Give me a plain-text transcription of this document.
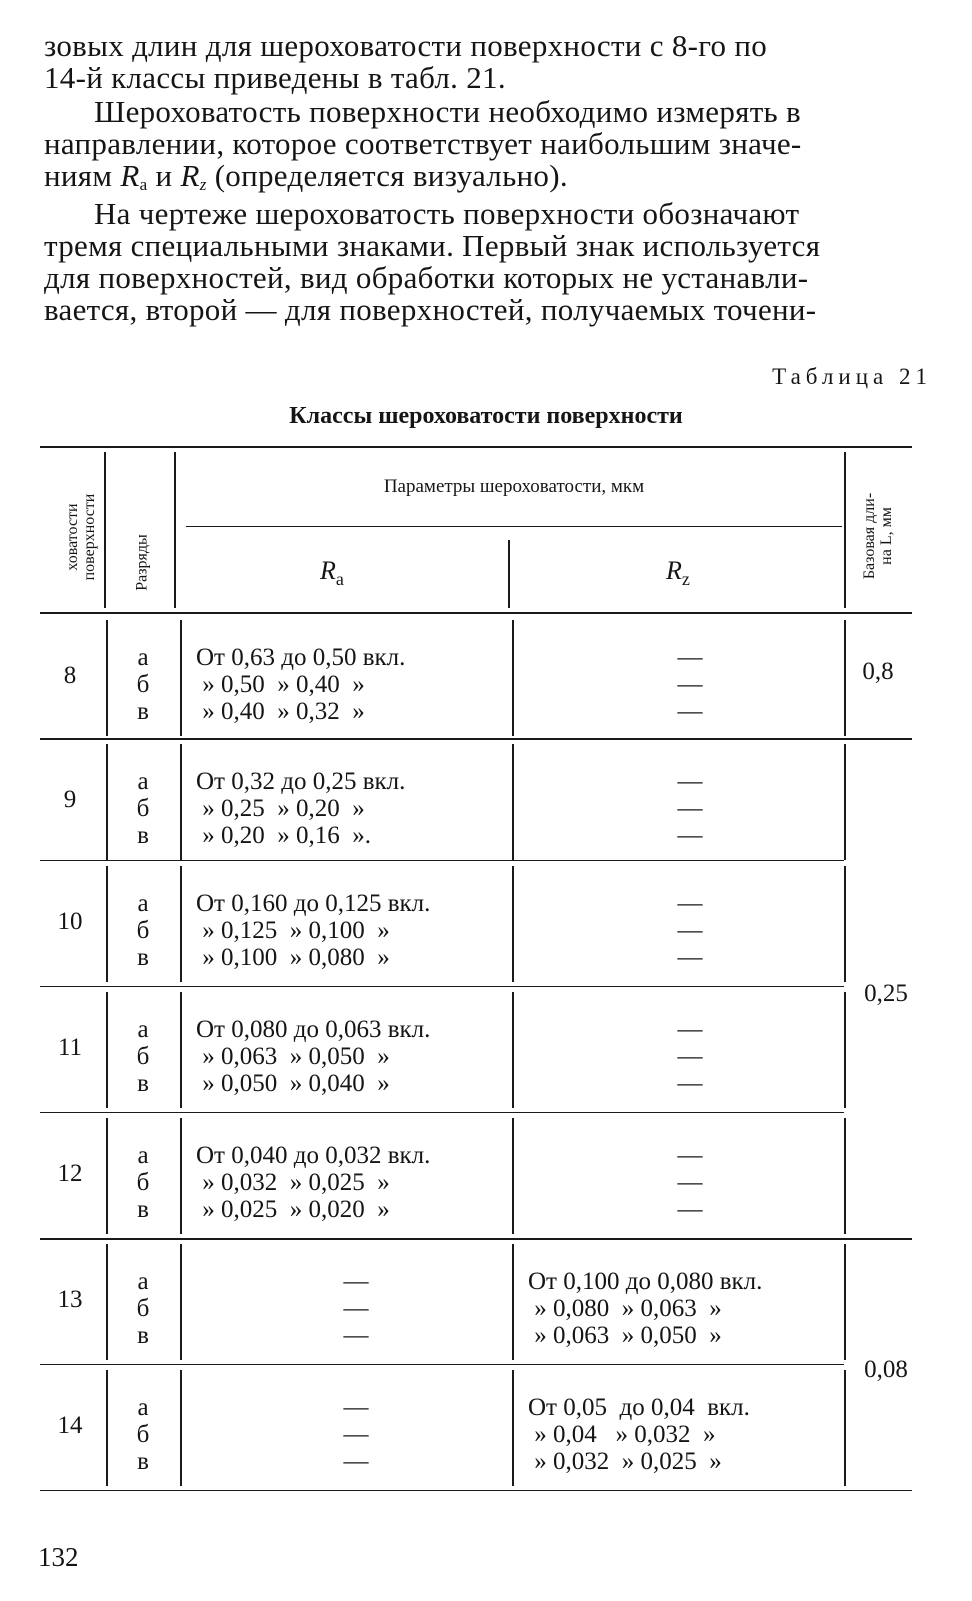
зовых длин для шероховатости поверхности с 8-го по
14-й классы приведены в табл. 21.
Шероховатость поверхности необходимо измерять в
направлении, которое соответствует наибольшим значе-
ниям $R_a$ и $R_z$ (определяется визуально).
На чертеже шероховатость поверхности обозначают
тремя специальными знаками. Первый знак используется
для поверхностей, вид обработки которых не устанавли-
вается, второй — для поверхностей, получаемых точени-
Таблица 21
Классы шероховатости поверхности
ховатости
поверхности Разряды
Параметры шероховатости, мкм
$R_a$	$R_z$	Базовая дли-
на L, мм
8
а
б
в
От 0,63 до 0,50 вкл.
» 0,50  » 0,40  »
» 0,40  » 0,32  »
—
—
—
9
а
б
в
От 0,32 до 0,25 вкл.
» 0,25  » 0,20  »
» 0,20  » 0,16  ».
—
—
—
10
а
б
в
От 0,160 до 0,125 вкл.
» 0,125  » 0,100  »
» 0,100  » 0,080  »
—
—
—
11
а
б
в
От 0,080 до 0,063 вкл.
» 0,063  » 0,050  »
» 0,050  » 0,040  »
—
—
—
12
а
б
в
От 0,040 до 0,032 вкл.
» 0,032  » 0,025  »
» 0,025  » 0,020  »
—
—
—
13
а
б
в
—
—
—
От 0,100 до 0,080 вкл.
» 0,080  » 0,063  »
» 0,063  » 0,050  »
14
а
б
в
—
—
—
От 0,05  до 0,04  вкл.
» 0,04   » 0,032  »
» 0,032  » 0,025  »
0,8
0,25
0,08
132
